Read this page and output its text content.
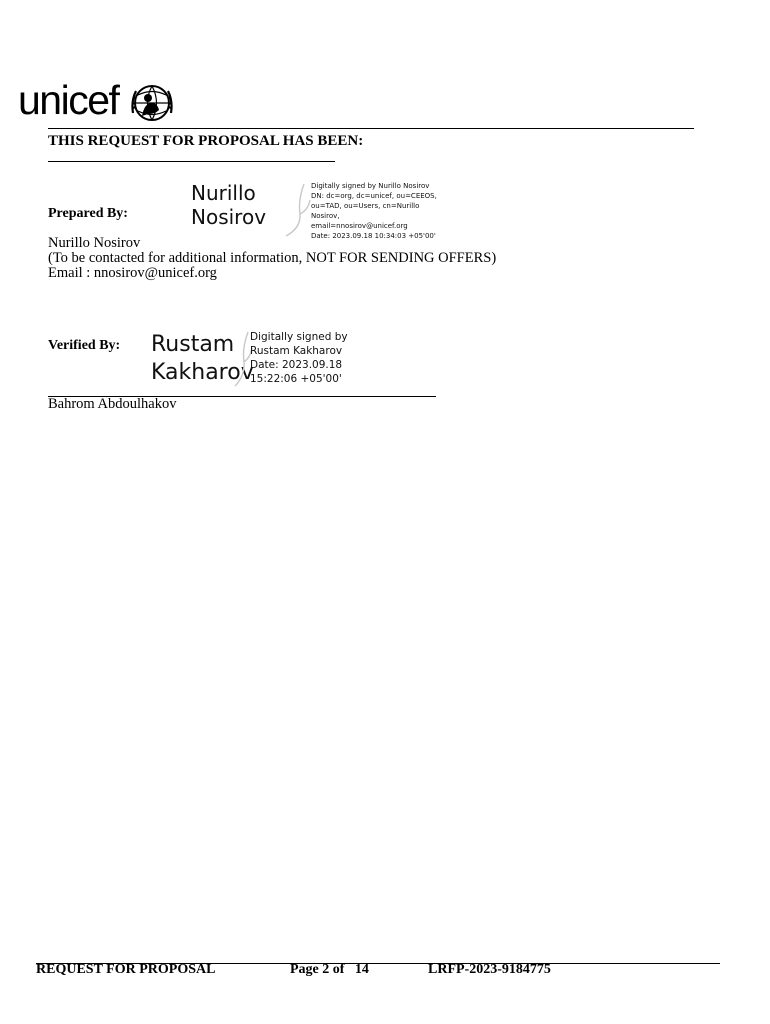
unicef
THIS REQUEST FOR PROPOSAL HAS BEEN:
Prepared By:
Nurillo
Nosirov
Digitally signed by Nurillo Nosirov
DN: dc=org, dc=unicef, ou=CEEOS,
ou=TAD, ou=Users, cn=Nurillo
Nosirov,
email=nnosirov@unicef.org
Date: 2023.09.18 10:34:03 +05'00'
Nurillo Nosirov
(To be contacted for additional information, NOT FOR SENDING OFFERS)
Email : nnosirov@unicef.org
Verified By: Rustam
Kakharov
Digitally signed by
Rustam Kakharov
Date: 2023.09.18
15:22:06 +05'00'
Bahrom Abdoulhakov
REQUEST FOR PROPOSAL	Page 2 of   14	LRFP-2023-9184775
